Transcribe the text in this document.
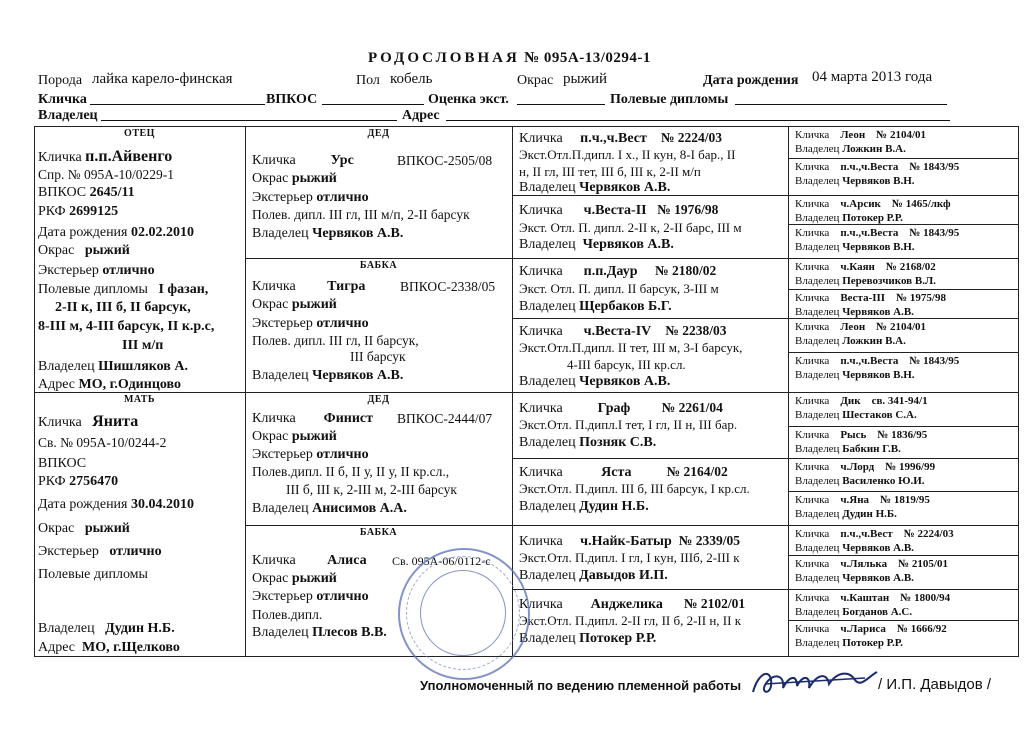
РОДОСЛОВНАЯ № 095А-13/0294-1
Порода лайка карело-финская	Пол кобель	Окрас рыжий	Дата рождения 04 марта 2013 года
Кличка	ВПКОС	Оценка экст.	Полевые дипломы
Владелец	Адрес
ОТЕЦ
Кличка п.п.Айвенго
Спр. № 095А-10/0229-1
ВПКОС 2645/11
РКФ 2699125
Дата рождения 02.02.2010
Окрас рыжий
Экстерьер отлично
Полевые дипломы I фазан,
2-II к, III б, II барсук,
8-III м, 4-III барсук, II к.р.с,
III м/п
Владелец Шишляков А.
Адрес МО, г.Одинцово
МАТЬ
Кличка Янита
Св. № 095А-10/0244-2
ВПКОС
РКФ 2756470
Дата рождения 30.04.2010
Окрас рыжий
Экстерьер отлично
Полевые дипломы
Владелец Дудин Н.Б.
Адрес МО, г.Щелково
ДЕД
Кличка	Урс	ВПКОС-2505/08
Окрас рыжий
Экстерьер отлично
Полев. дипл. III гл, III м/п, 2-II барсук
Владелец Червяков А.В.
БАБКА
Кличка Тигра	ВПКОС-2338/05
Окрас рыжий
Экстерьер отлично
Полев. дипл. III гл, II барсук,
III барсук
Владелец Червяков А.В.
ДЕД
Кличка Финист ВПКОС-2444/07
Окрас рыжий
Экстерьер отлично
Полев.дипл. II б, II у, II у, II кр.сл.,
III б, III к, 2-III м, 2-III барсук
Владелец Анисимов А.А.
БАБКА
Кличка Алиса Св. 095А-06/0112-с
Окрас рыжий
Экстерьер отлично
Полев.дипл.
Владелец Плесов В.В.
Кличка п.ч.,ч.Вест № 2224/03
Экст.Отл.П.дипл. I х., II кун, 8-I бар., II
н, II гл, III тет, III б, III к, 2-II м/п
Владелец Червяков А.В.
Кличка ч.Веста-II № 1976/98
Экст. Отл. П. дипл. 2-II к, 2-II барс, III м
Владелец Червяков А.В.
Кличка п.п.Даур № 2180/02
Экст. Отл. П. дипл. II барсук, 3-III м
Владелец Щербаков Б.Г.
Кличка ч.Веста-IV № 2238/03
Экст.Отл.П.дипл. II тет, III м, 3-I барсук,
4-III барсук, III кр.сл.
Владелец Червяков А.В.
Кличка	Граф № 2261/04
Экст.Отл. П.дипл.I тет, I гл, II н, III бар.
Владелец Позняк С.В.
Кличка	Яста	№ 2164/02
Экст.Отл. П.дипл. III б, III барсук, I кр.сл.
Владелец Дудин Н.Б.
Кличка ч.Найк-Батыр № 2339/05
Экст.Отл. П.дипл. I гл, I кун, IIIб, 2-III к
Владелец Давыдов И.П.
Кличка Анджелика № 2102/01
Экст.Отл. П.дипл. 2-II гл, II б, 2-II н, II к
Владелец Потокер Р.Р.
Кличка Леон № 2104/01
Владелец Ложкин В.А.
Кличка п.ч.,ч.Веста № 1843/95
Владелец Червяков В.Н.
Кличка ч.Арсик № 1465/лкф
Владелец Потокер Р.Р.
Кличка п.ч.,ч.Веста № 1843/95
Владелец Червяков В.Н.
Кличка ч.Каян № 2168/02
Владелец Перевозчиков В.Л.
Кличка Веста-III № 1975/98
Владелец Червяков А.В.
Кличка Леон № 2104/01
Владелец Ложкин В.А.
Кличка п.ч.,ч.Веста № 1843/95
Владелец Червяков В.Н.
Кличка Дик св. 341-94/1
Владелец Шестаков С.А.
Кличка Рысь № 1836/95
Владелец Бабкин Г.В.
Кличка ч.Лорд № 1996/99
Владелец Василенко Ю.И.
Кличка ч.Яна № 1819/95
Владелец Дудин Н.Б.
Кличка п.ч.,ч.Вест № 2224/03
Владелец Червяков А.В.
Кличка ч.Лялька № 2105/01
Владелец Червяков А.В.
Кличка ч.Каштан № 1800/94
Владелец Богданов А.С.
Кличка ч.Лариса № 1666/92
Владелец Потокер Р.Р.
Уполномоченный по ведению племенной работы	/ И.П. Давыдов /
